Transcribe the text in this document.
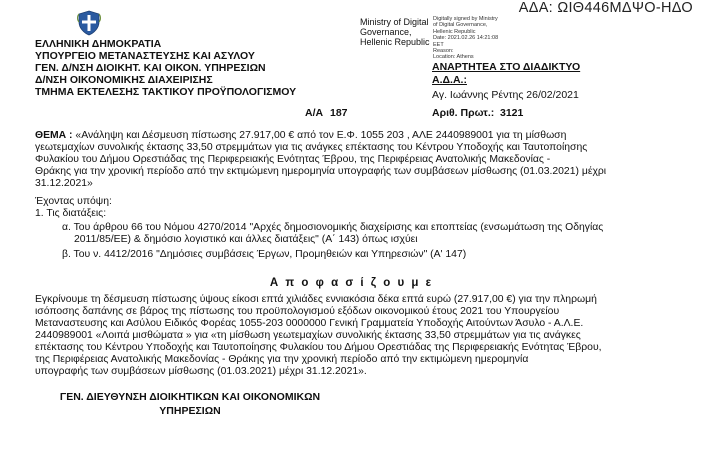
ΑΔΑ: ΩΙΘ446ΜΔΨΟ-ΗΔΟ
ΕΛΛΗΝΙΚΗ ΔΗΜΟΚΡΑΤΙΑ
ΥΠΟΥΡΓΕΙΟ ΜΕΤΑΝΑΣΤΕΥΣΗΣ ΚΑΙ ΑΣΥΛΟΥ
ΓΕΝ. Δ/ΝΣΗ ΔΙΟΙΚΗΤ. ΚΑΙ ΟΙΚΟΝ. ΥΠΗΡΕΣΙΩΝ
Δ/ΝΣΗ ΟΙΚΟΝΟΜΙΚΗΣ ΔΙΑΧΕΙΡΙΣΗΣ
ΤΜΗΜΑ ΕΚΤΕΛΕΣΗΣ ΤΑΚΤΙΚΟΥ ΠΡΟΫΠΟΛΟΓΙΣΜΟΥ
Α/Α 187
Ministry of Digital
Governance,
Hellenic Republic
Digitally signed by Ministry
of Digital Governance,
Hellenic Republic
Date: 2021.02.26 14:21:08
EET
Reason:
Location: Athens
ΑΝΑΡΤΗΤΕΑ ΣΤΟ ΔΙΑΔΙΚΤΥΟ
Α.Δ.Α.:
Αγ. Ιωάννης Ρέντης 26/02/2021
Αριθ. Πρωτ.: 3121
ΘΕΜΑ : «Ανάληψη και Δέσμευση πίστωσης 27.917,00 € από τον Ε.Φ. 1055 203 , ΑΛΕ 2440989001 για τη μίσθωση
γεωτεμαχίων συνολικής έκτασης 33,50 στρεμμάτων για τις ανάγκες επέκτασης του Κέντρου Υποδοχής και Ταυτοποίησης
Φυλακίου του Δήμου Ορεστιάδας της Περιφερειακής Ενότητας Έβρου, της Περιφέρειας Ανατολικής Μακεδονίας -
Θράκης για την χρονική περίοδο από την εκτιμώμενη ημερομηνία υπογραφής των συμβάσεων μίσθωσης (01.03.2021) μέχρι
31.12.2021»
Έχοντας υπόψη:
1. Τις διατάξεις:
α. Του άρθρου 66 του Νόμου 4270/2014 "Αρχές δημοσιονομικής διαχείρισης και εποπτείας (ενσωμάτωση της Οδηγίας
2011/85/ΕΕ) & δημόσιο λογιστικό και άλλες διατάξεις" (Α΄ 143) όπως ισχύει
β. Του ν. 4412/2016 "Δημόσιες συμβάσεις Έργων, Προμηθειών και Υπηρεσιών" (Α' 147)
Α π ο φ α σ ί ζ ο υ μ ε
Εγκρίνουμε τη δέσμευση πίστωσης ύψους είκοσι επτά χιλιάδες εννιακόσια δέκα επτά ευρώ (27.917,00 €) για την πληρωμή
ισόποσης δαπάνης σε βάρος της πίστωσης του προϋπολογισμού εξόδων οικονομικού έτους 2021 του Υπουργείου
Μεταναστευσης και Ασύλου Ειδικός Φορέας 1055-203 0000000 Γενική Γραμματεία Υποδοχής Αιτούντων Άσυλο - Α.Λ.Ε.
2440989001 «Λοιπά μισθώματα » για «τη μίσθωση γεωτεμαχίων συνολικής έκτασης 33,50 στρεμμάτων για τις ανάγκες
επέκτασης του Κέντρου Υποδοχής και Ταυτοποίησης Φυλακίου του Δήμου Ορεστιάδας της Περιφερειακής Ενότητας Έβρου,
της Περιφέρειας Ανατολικής Μακεδονίας - Θράκης για την χρονική περίοδο από την εκτιμώμενη ημερομηνία
υπογραφής των συμβάσεων μίσθωσης (01.03.2021) μέχρι 31.12.2021».
ΓΕΝ. ΔΙΕΥΘΥΝΣΗ ΔΙΟΙΚΗΤΙΚΩΝ ΚΑΙ ΟΙΚΟΝΟΜΙΚΩΝ
ΥΠΗΡΕΣΙΩΝ
